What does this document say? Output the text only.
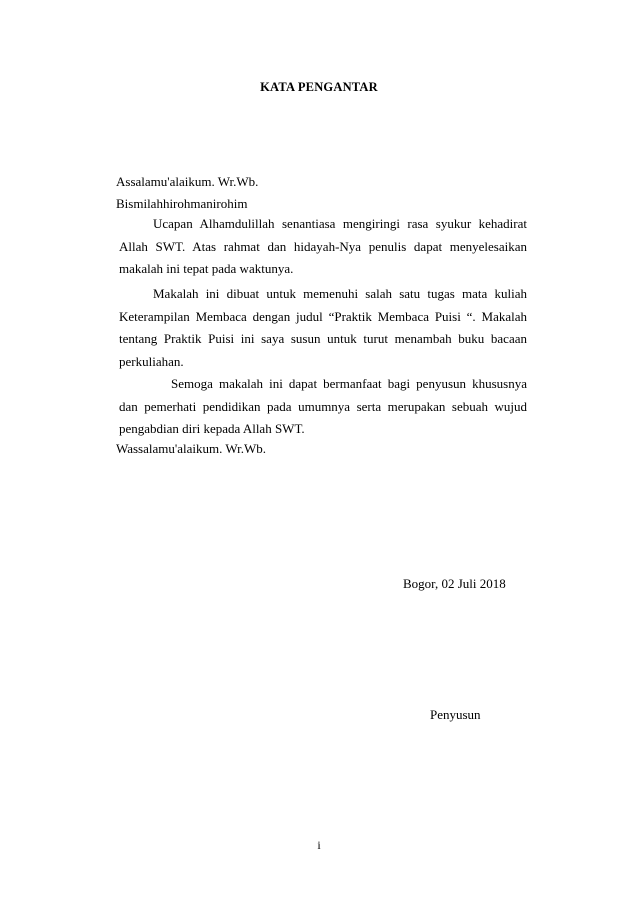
KATA PENGANTAR
Assalamu'alaikum. Wr.Wb.
Bismilahhirohmanirohim
Ucapan Alhamdulillah senantiasa mengiringi rasa syukur kehadirat Allah SWT. Atas rahmat dan hidayah-Nya penulis dapat menyelesaikan makalah ini tepat pada waktunya.
Makalah ini dibuat untuk memenuhi salah satu tugas mata kuliah Keterampilan Membaca dengan judul “Praktik Membaca Puisi “. Makalah tentang Praktik Puisi ini saya susun untuk turut menambah buku bacaan perkuliahan.
Semoga makalah ini dapat bermanfaat bagi penyusun khususnya dan pemerhati pendidikan pada umumnya serta merupakan sebuah wujud pengabdian diri kepada Allah SWT.
Wassalamu'alaikum. Wr.Wb.
Bogor, 02 Juli 2018
Penyusun
i
